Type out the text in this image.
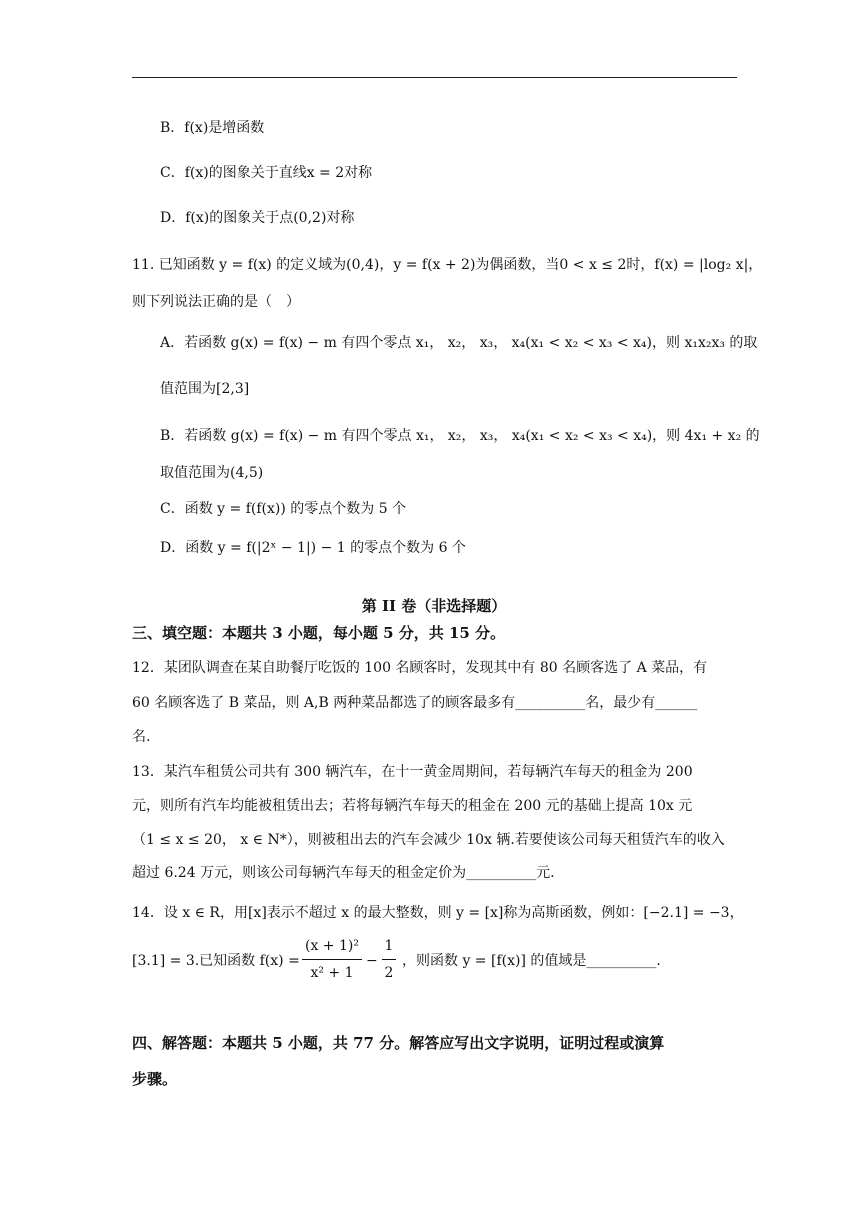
B．f(x)是增函数
C．f(x)的图象关于直线x = 2对称
D．f(x)的图象关于点(0,2)对称
11. 已知函数 y = f(x) 的定义域为(0,4)，y = f(x + 2)为偶函数，当0 < x ≤ 2时，f(x) = |log₂ x|，
则下列说法正确的是（　）
A．若函数 g(x) = f(x) − m 有四个零点 x₁， x₂， x₃， x₄(x₁ < x₂ < x₃ < x₄)，则 x₁x₂x₃ 的取
值范围为[2,3]
B．若函数 g(x) = f(x) − m 有四个零点 x₁， x₂， x₃， x₄(x₁ < x₂ < x₃ < x₄)，则 4x₁ + x₂ 的
取值范围为(4,5)
C．函数 y = f(f(x)) 的零点个数为 5 个
D．函数 y = f(|2ˣ − 1|) − 1 的零点个数为 6 个
第 II 卷（非选择题）
三、填空题：本题共 3 小题，每小题 5 分，共 15 分。
12．某团队调查在某自助餐厅吃饭的 100 名顾客时，发现其中有 80 名顾客选了 A 菜品，有
60 名顾客选了 B 菜品，则 A,B 两种菜品都选了的顾客最多有__________名，最少有______
名.
13．某汽车租赁公司共有 300 辆汽车，在十一黄金周期间，若每辆汽车每天的租金为 200
元，则所有汽车均能被租赁出去；若将每辆汽车每天的租金在 200 元的基础上提高 10x 元
（1 ≤ x ≤ 20， x ∈ N*），则被租出去的汽车会减少 10x 辆.若要使该公司每天租赁汽车的收入
超过 6.24 万元，则该公司每辆汽车每天的租金定价为__________元.
14．设 x ∈ R，用[x]表示不超过 x 的最大整数，则 y = [x]称为高斯函数，例如：[−2.1] = −3，
[3.1] = 3.已知函数 f(x) =
(x + 1)²
x² + 1
−
1
2
，则函数 y = [f(x)] 的值域是__________.
四、解答题：本题共 5 小题，共 77 分。解答应写出文字说明，证明过程或演算
步骤。
